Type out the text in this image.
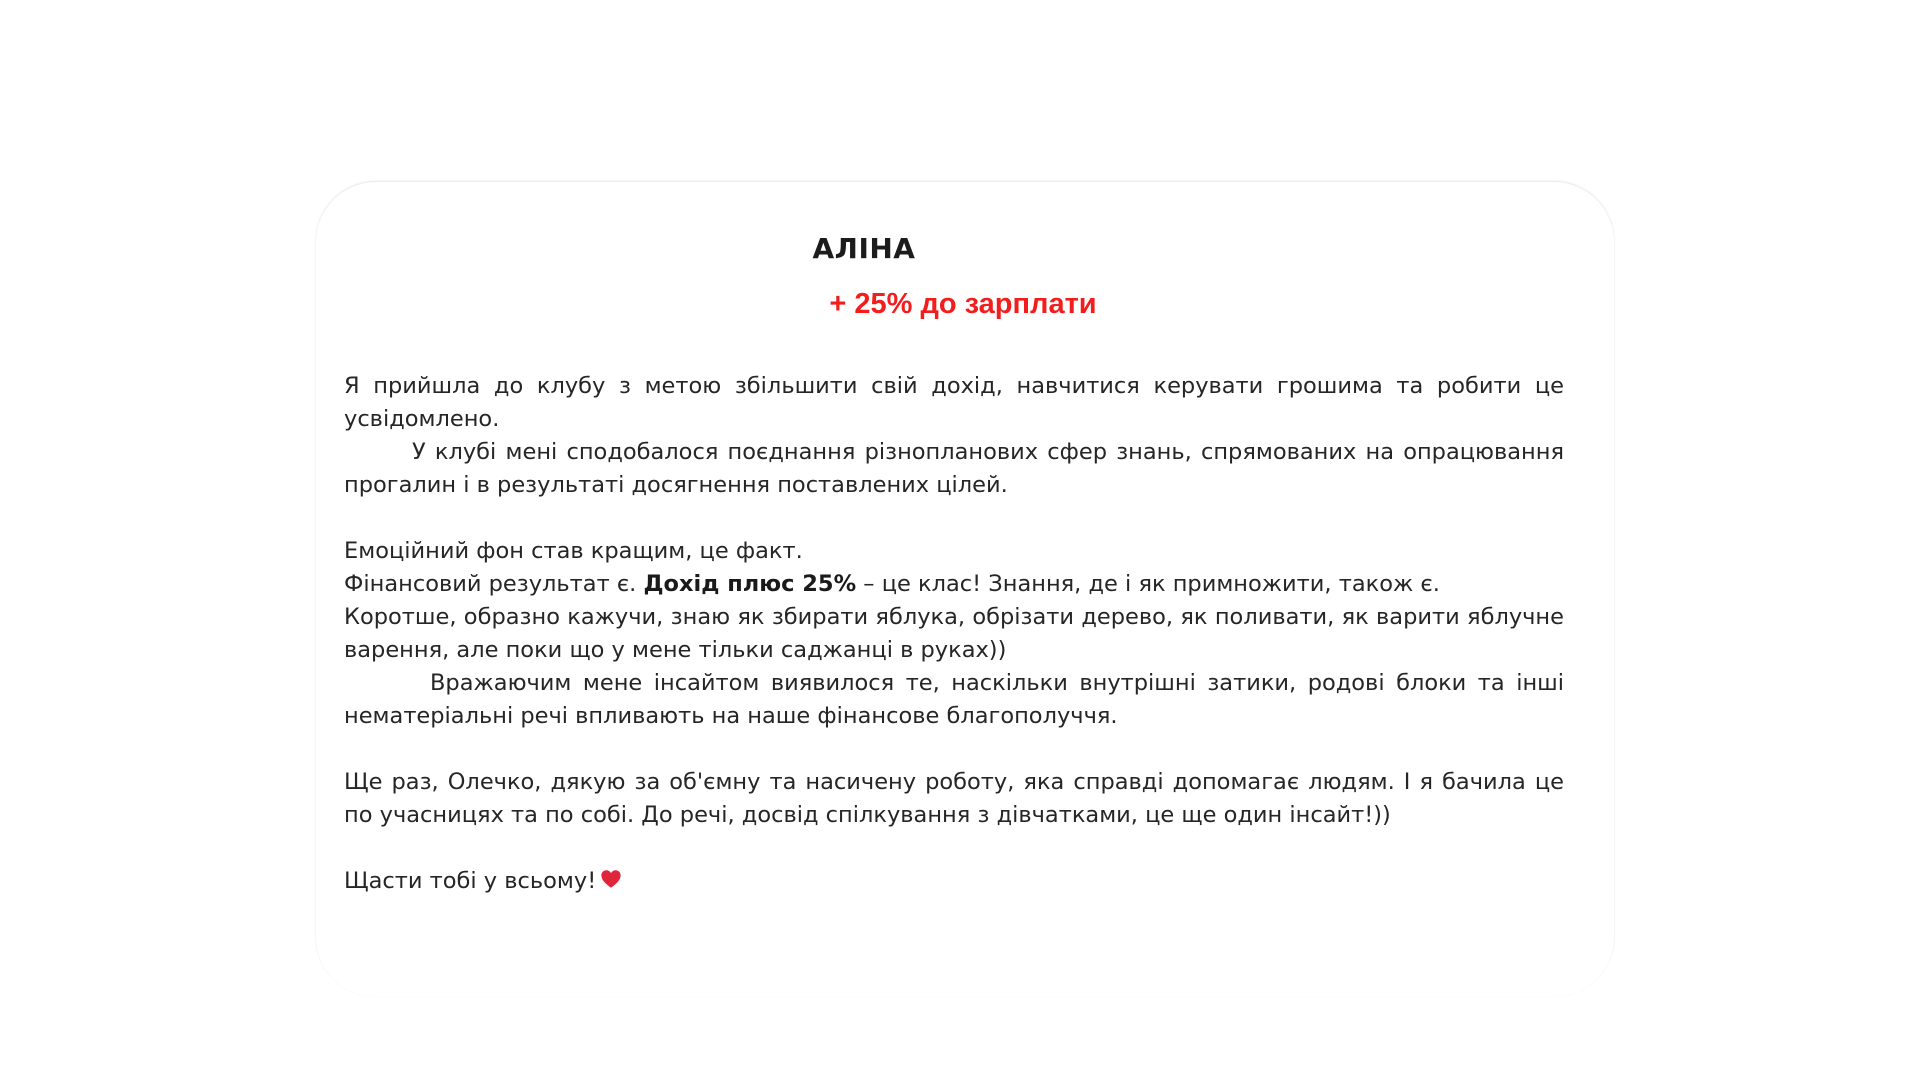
АЛІНА
+ 25% до зарплати

Я прийшла до клубу з метою збільшити свій дохід, навчитися керувати грошима та робити це усвідомлено.

У клубі мені сподобалося поєднання різнопланових сфер знань, спрямованих на опрацювання прогалин і в результаті досягнення поставлених цілей.

Емоційний фон став кращим, це факт.

Фінансовий результат є. Дохід плюс 25% – це клас! Знання, де і як примножити, також є.

Коротше, образно кажучи, знаю як збирати яблука, обрізати дерево, як поливати, як варити яблучне варення, але поки що у мене тільки саджанці в руках))

Вражаючим мене інсайтом виявилося те, наскільки внутрішні затики, родові блоки та інші нематеріальні речі впливають на наше фінансове благополуччя.

Ще раз, Олечко, дякую за об'ємну та насичену роботу, яка справді допомагає людям. І я бачила це по учасницях та по собі. До речі, досвід спілкування з дівчатками, це ще один інсайт!))

Щасти тобі у всьому!
